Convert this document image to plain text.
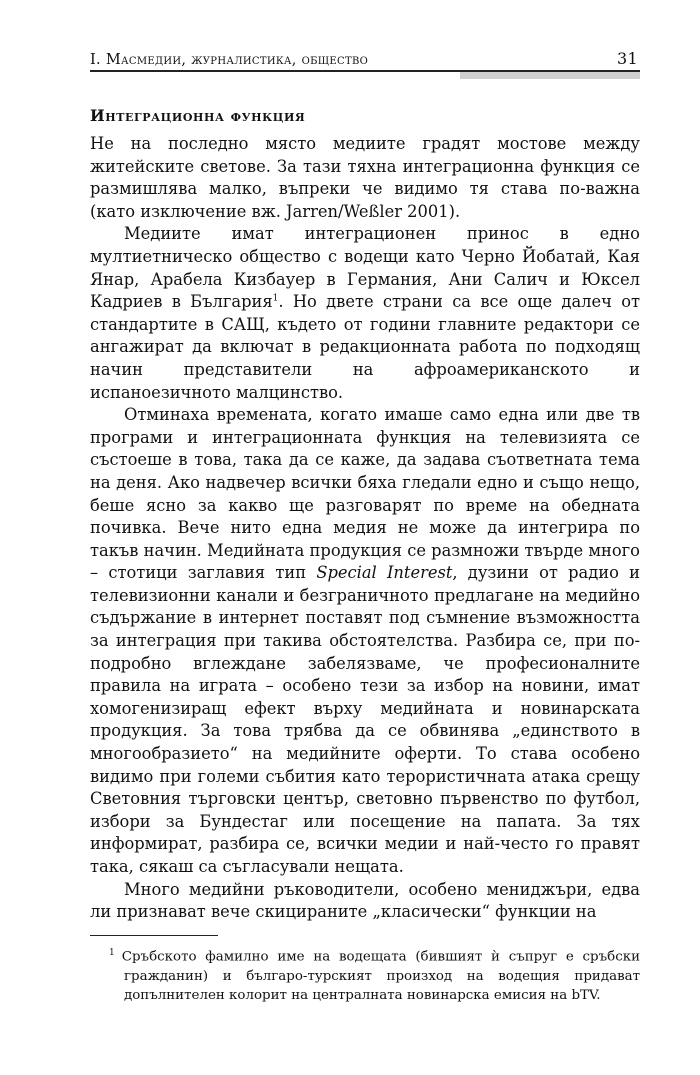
I. Масмедии, журналистика, общество	31
Интеграционна функция

Не на последно място медиите градят мостове между житейските светове. За тази тяхна интеграционна функция се размишлява малко, въпреки че видимо тя става по-важна (като изключение вж. Jarren/Weßler 2001).

Медиите имат интеграционен принос в едно мултиетническо общество с водещи като Черно Йобатай, Кая Янар, Арабела Кизбауер в Германия, Ани Салич и Юксел Кадриев в България$^1$. Но двете страни са все още далеч от стандартите в САЩ, където от години главните редактори се ангажират да включат в редакционната работа по подходящ начин представители на афроамериканското и испаноезичното малцинство.

Отминаха времената, когато имаше само една или две тв програми и интеграционната функция на телевизията се състоеше в това, така да се каже, да задава съответната тема на деня. Ако надвечер всички бяха гледали едно и също нещо, беше ясно за какво ще разговарят по време на обедната почивка. Вече нито една медия не може да интегрира по такъв начин. Медийната продукция се размножи твърде много – стотици заглавия тип Special Interest, дузини от радио и телевизионни канали и безграничното предлагане на медийно съдържание в интернет поставят под съмнение възможността за интеграция при такива обстоятелства. Разбира се, при по-подробно вглеждане забелязваме, че професионалните правила на играта – особено тези за избор на новини, имат хомогенизиращ ефект върху медийната и новинарската продукция. За това трябва да се обвинява „единството в многообразието“ на медийните оферти. То става особено видимо при големи събития като терористичната атака срещу Световния търговски център, световно първенство по футбол, избори за Бундестаг или посещение на папата. За тях информират, разбира се, всички медии и най-често го правят така, сякаш са съгласували нещата.

Много медийни ръководители, особено мениджъри, едва ли признават вече скицираните „класически“ функции на

$^1$ Сръбското фамилно име на водещата (бившият ѝ съпруг е сръбски гражданин) и българо-турският произход на водещия придават допълнителен колорит на централната новинарска емисия на bTV.
